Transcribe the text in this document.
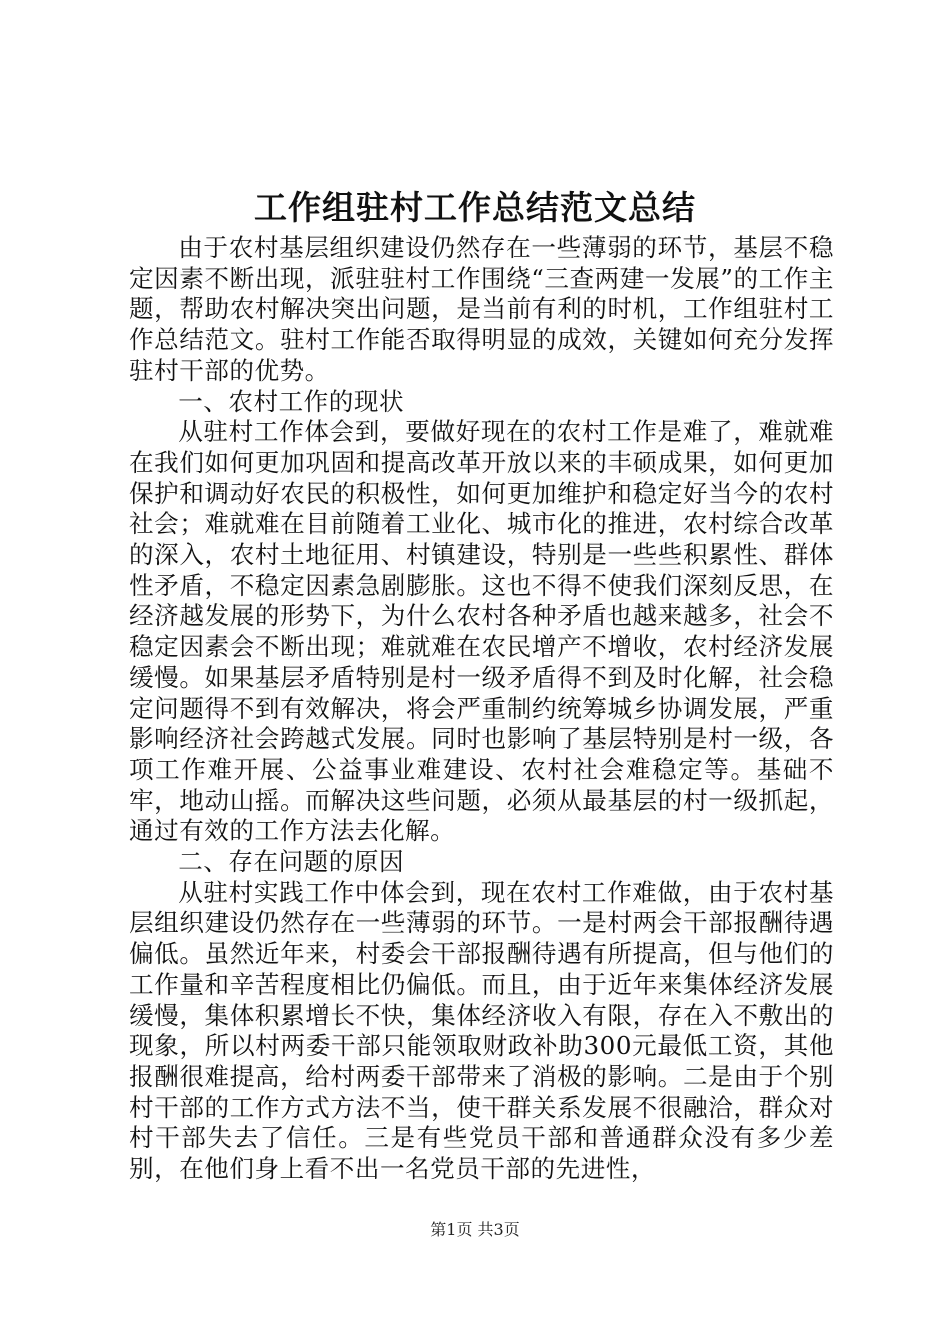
工作组驻村工作总结范文总结

由于农村基层组织建设仍然存在一些薄弱的环节，基层不稳定因素不断出现，派驻驻村工作围绕“三查两建一发展”的工作主题，帮助农村解决突出问题，是当前有利的时机，工作组驻村工作总结范文。驻村工作能否取得明显的成效，关键如何充分发挥驻村干部的优势。

一、农村工作的现状

从驻村工作体会到，要做好现在的农村工作是难了，难就难在我们如何更加巩固和提高改革开放以来的丰硕成果，如何更加保护和调动好农民的积极性，如何更加维护和稳定好当今的农村社会；难就难在目前随着工业化、城市化的推进，农村综合改革的深入，农村土地征用、村镇建设，特别是一些些积累性、群体性矛盾，不稳定因素急剧膨胀。这也不得不使我们深刻反思，在经济越发展的形势下，为什么农村各种矛盾也越来越多，社会不稳定因素会不断出现；难就难在农民增产不增收，农村经济发展缓慢。如果基层矛盾特别是村一级矛盾得不到及时化解，社会稳定问题得不到有效解决，将会严重制约统筹城乡协调发展，严重影响经济社会跨越式发展。同时也影响了基层特别是村一级，各项工作难开展、公益事业难建设、农村社会难稳定等。基础不牢，地动山摇。而解决这些问题，必须从最基层的村一级抓起，通过有效的工作方法去化解。

二、存在问题的原因

从驻村实践工作中体会到，现在农村工作难做，由于农村基层组织建设仍然存在一些薄弱的环节。一是村两会干部报酬待遇偏低。虽然近年来，村委会干部报酬待遇有所提高，但与他们的工作量和辛苦程度相比仍偏低。而且，由于近年来集体经济发展缓慢，集体积累增长不快，集体经济收入有限，存在入不敷出的现象，所以村两委干部只能领取财政补助300元最低工资，其他报酬很难提高，给村两委干部带来了消极的影响。二是由于个别村干部的工作方式方法不当，使干群关系发展不很融洽，群众对村干部失去了信任。三是有些党员干部和普通群众没有多少差别，在他们身上看不出一名党员干部的先进性，

第1页 共3页
